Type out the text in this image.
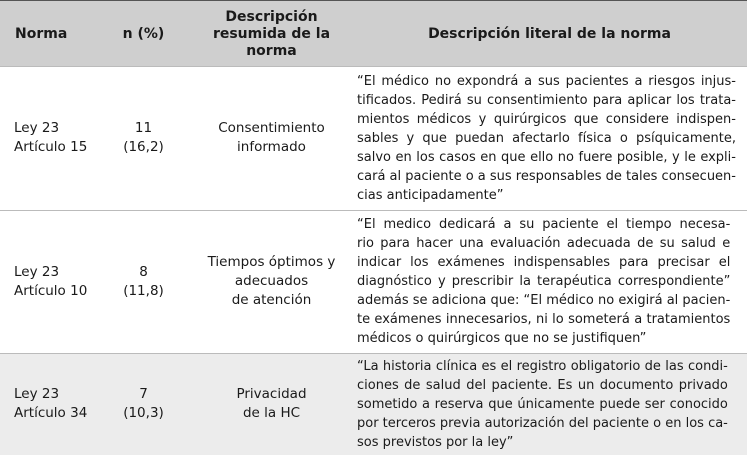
Norma	n (%)
Descripción
resumida de la
norma
Descripción literal de la norma
Ley 23
Artículo 15
11
(16,2)
Consentimiento
informado
“El médico no expondrá a sus pacientes a riesgos injus-
tificados. Pedirá su consentimiento para aplicar los trata-
mientos médicos y quirúrgicos que considere indispen-
sables y que puedan afectarlo física o psíquicamente,
salvo en los casos en que ello no fuere posible, y le expli-
cará al paciente o a sus responsables de tales consecuen-
cias anticipadamente”
Ley 23
Artículo 10
8
(11,8)
Tiempos óptimos y
adecuados
de atención
“El medico dedicará a su paciente el tiempo necesa-
rio para hacer una evaluación adecuada de su salud e
indicar los exámenes indispensables para precisar el
diagnóstico y prescribir la terapéutica correspondiente”
además se adiciona que: “El médico no exigirá al pacien-
te exámenes innecesarios, ni lo someterá a tratamientos
médicos o quirúrgicos que no se justifiquen”
Ley 23
Artículo 34
7
(10,3)
Privacidad
de la HC
“La historia clínica es el registro obligatorio de las condi-
ciones de salud del paciente. Es un documento privado
sometido a reserva que únicamente puede ser conocido
por terceros previa autorización del paciente o en los ca-
sos previstos por la ley”
